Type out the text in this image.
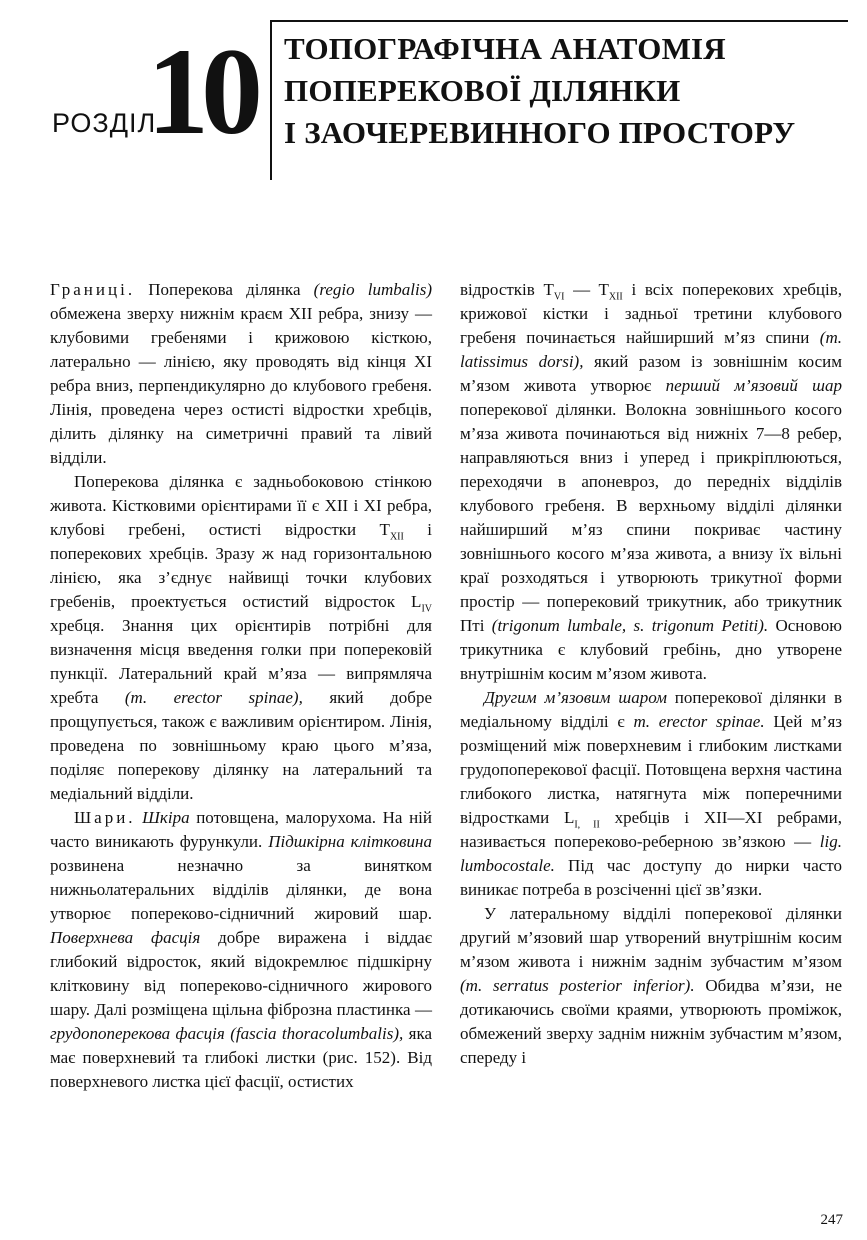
РОЗДІЛ
10 ТОПОГРАФІЧНА АНАТОМІЯ
ПОПЕРЕКОВОЇ ДІЛЯНКИ
І ЗАОЧЕРЕВИННОГО ПРОСТОРУ

Границі. Поперекова ділянка (regio lumbalis) обмежена зверху нижнім краєм XII ребра, знизу — клубовими гребенями і крижовою кісткою, латерально — лінією, яку проводять від кінця XI ребра вниз, перпендикулярно до клубового гребеня. Лінія, проведена через остисті відростки хребців, ділить ділянку на симетричні правий та лівий відділи.

Поперекова ділянка є задньобоковою стінкою живота. Кістковими орієнтирами її є XII і XI ребра, клубові гребені, остисті відростки $T_{XII}$ і поперекових хребців. Зразу ж над горизонтальною лінією, яка з’єднує найвищі точки клубових гребенів, проектується остистий відросток $L_{IV}$ хребця. Знання цих орієнтирів потрібні для визначення місця введення голки при поперековій пункції. Латеральний край м’яза — випрямляча хребта (m. erector spinae), який добре прощупується, також є важливим орієнтиром. Лінія, проведена по зовнішньому краю цього м’яза, поділяє поперекову ділянку на латеральний та медіальний відділи.

Шари. Шкіра потовщена, малорухома. На ній часто виникають фурункули. Підшкірна клітковина розвинена незначно за винятком нижньолатеральних відділів ділянки, де вона утворює попереково-сідничний жировий шар. Поверхнева фасція добре виражена і віддає глибокий відросток, який відокремлює підшкірну клітковину від попереково-сідничного жирового шару. Далі розміщена щільна фіброзна пластинка — грудопоперекова фасція (fascia thoracolumbalis), яка має поверхневий та глибокі листки (рис. 152). Від поверхневого листка цієї фасції, остистих

відростків $T_{VI}$ — $T_{XII}$ і всіх поперекових хребців, крижової кістки і задньої третини клубового гребеня починається найширший м’яз спини (m. latissimus dorsi), який разом із зовнішнім косим м’язом живота утворює перший м’язовий шар поперекової ділянки. Волокна зовнішнього косого м’яза живота починаються від нижніх 7—8 ребер, направляються вниз і уперед і прикріплюються, переходячи в апоневроз, до передніх відділів клубового гребеня. В верхньому відділі ділянки найширший м’яз спини покриває частину зовнішнього косого м’яза живота, а внизу їх вільні краї розходяться і утворюють трикутної форми простір — поперековий трикутник, або трикутник Пті (trigonum lumbale, s. trigonum Petiti). Основою трикутника є клубовий гребінь, дно утворене внутрішнім косим м’язом живота.

Другим м’язовим шаром поперекової ділянки в медіальному відділі є m. erector spinae. Цей м’яз розміщений між поверхневим і глибоким листками грудопоперекової фасції. Потовщена верхня частина глибокого листка, натягнута між поперечними відростками $L_{I, II}$ хребців і XII—XI ребрами, називається попереково-реберною зв’язкою — lig. lumbocostale. Під час доступу до нирки часто виникає потреба в розсіченні цієї зв’язки.

У латеральному відділі поперекової ділянки другий м’язовий шар утворений внутрішнім косим м’язом живота і нижнім заднім зубчастим м’язом (m. serratus posterior inferior). Обидва м’язи, не дотикаючись своїми краями, утворюють проміжок, обмежений зверху заднім нижнім зубчастим м’язом, спереду і

247
